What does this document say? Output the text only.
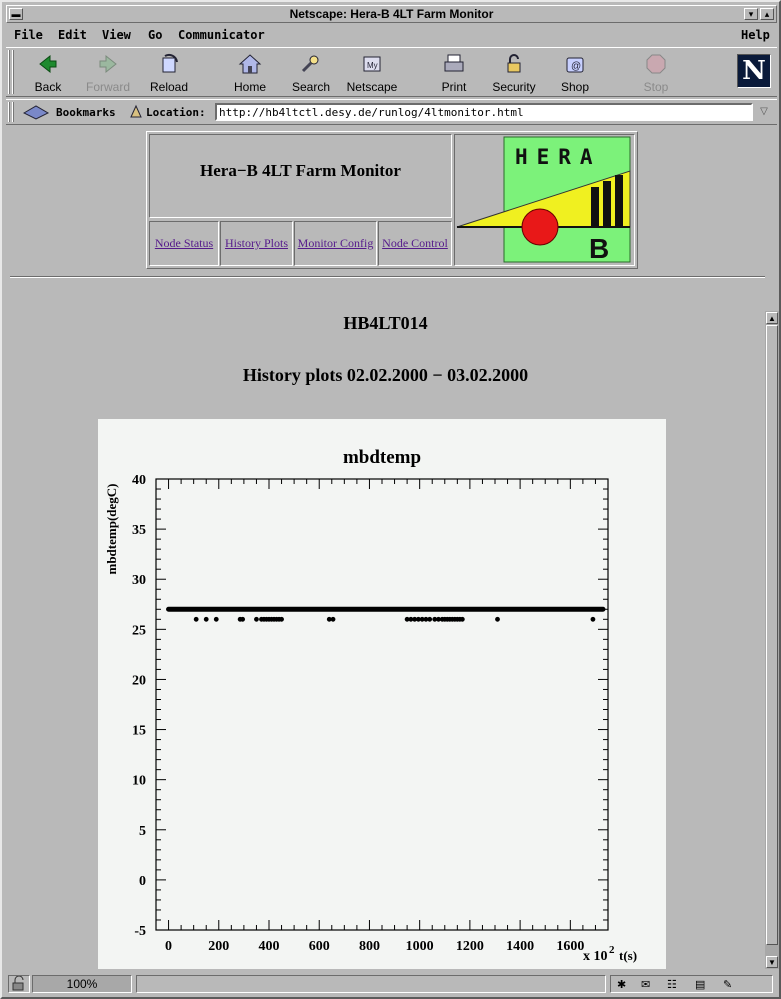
▬	Netscape: Hera-B 4LT Farm Monitor	▾	▴
File Edit View Go Communicator	Help
Back	Forward	Reload	Home	Search
My
Netscape	Print	Security
@
Shop	Stop
N
Bookmarks	Location:
http://hb4ltctl.desy.de/runlog/4ltmonitor.html	▽
Hera−B 4LT Farm Monitor
Node Status History Plots Monitor Config Node Control
HERA
B
HB4LT014
History plots 02.02.2000 − 03.02.2000
mbdtemp
-5
0
5
10
15
20
25
30
35
40
0	200 400 600 800 1000 1200 1400 1600
x 10 2 t(s)
mbdtemp(degC)
▲
▼
100%	✱ ✉ ☷ ▤ ✎
